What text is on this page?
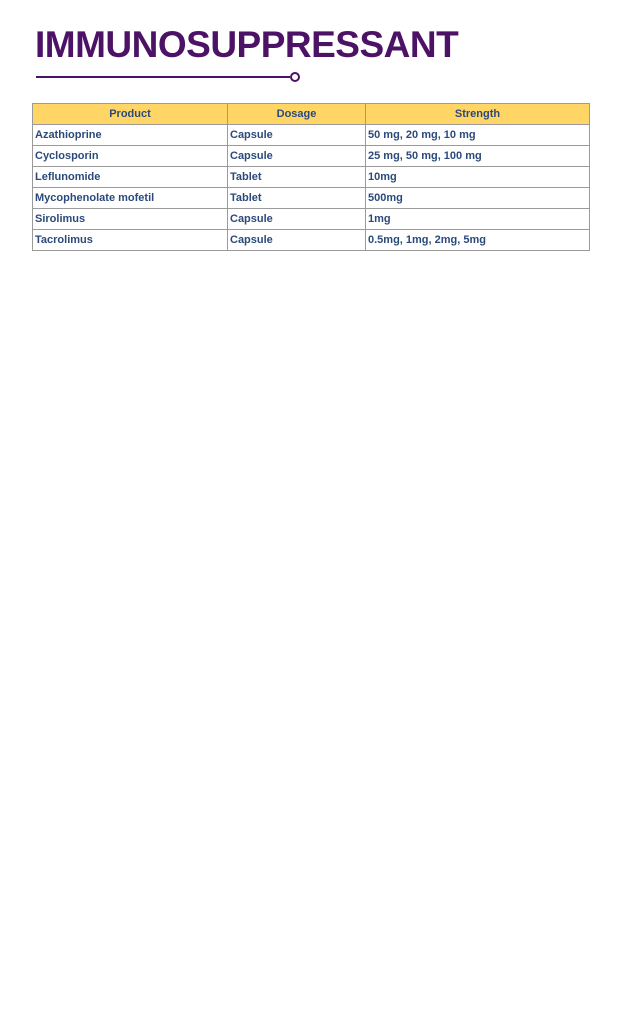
IMMUNOSUPPRESSANT
Product	Dosage	Strength
Azathioprine	Capsule	50 mg, 20 mg, 10 mg
Cyclosporin	Capsule	25 mg, 50 mg, 100 mg
Leflunomide	Tablet	10mg
Mycophenolate mofetil	Tablet	500mg
Sirolimus	Capsule	1mg
Tacrolimus	Capsule	0.5mg, 1mg, 2mg, 5mg
